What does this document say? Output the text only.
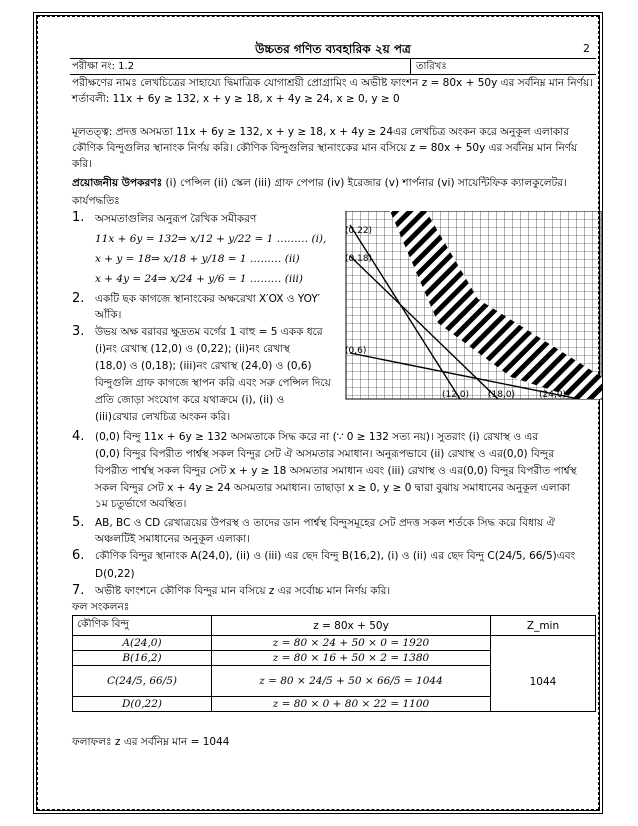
উচ্চতর গণিত ব্যবহারিক ২য় পত্র	2
পরীক্ষা নং: 1.2	তারিখঃ
পরীক্ষণের নামঃ লেখচিত্রের সাহায্যে দ্বিমাত্রিক যোগাশ্রয়ী প্রোগ্রামিং এ অভীষ্ট ফাংশন z = 80x + 50y এর সর্বনিম্ন মান নির্ণয়।
শর্তাবলী: 11x + 6y ≥ 132, x + y ≥ 18, x + 4y ≥ 24, x ≥ 0, y ≥ 0
মূলতত্ত্ব: প্রদত্ত অসমতা 11x + 6y ≥ 132, x + y ≥ 18, x + 4y ≥ 24এর লেখচিত্র অংকন করে অনুকূল এলাকার
কৌণিক বিন্দুগুলির স্থানাংক নির্ণয় করি। কৌণিক বিন্দুগুলির স্থানাংকের মান বসিয়ে z = 80x + 50y এর সর্বনিম্ন মান নির্ণয়
করি।
প্রয়োজনীয় উপকরণঃ (i) পেন্সিল (ii) স্কেল (iii) গ্রাফ পেপার (iv) ইরেজার (v) শার্পনার (vi) সায়েন্টিফিক ক্যালকুলেটর।
কার্যপদ্ধতিঃ
1.
2.
3.
4.
5.
6.
7.
অসমতাগুলির অনুরূপ রৈখিক সমীকরণ
11x + 6y = 132⇒ x/12 + y/22 = 1 ……… (i),
x + y = 18⇒ x/18 + y/18 = 1 ……… (ii)
x + 4y = 24⇒ x/24 + y/6 = 1 ……… (iii)
একটি ছক কাগজে স্থানাংকের অক্ষরেখা X′OX ও YOY′
আঁকি।
উভয় অক্ষ বরাবর ক্ষুদ্রতম বর্গের 1 বাহু = 5 একক ধরে
(i)নং রেখাস্থ (12,0) ও (0,22); (ii)নং রেখাস্থ
(18,0) ও (0,18); (iii)নং রেখাস্থ (24,0) ও (0,6)
বিন্দুগুলি গ্রাফ কাগজে স্থাপন করি এবং সরু পেন্সিল দিয়ে
প্রতি জোড়া সংযোগ করে যথাক্রমে (i), (ii) ও
(iii)রেখার লেখচিত্র অংকন করি।
(0,22)
(0,18)
(0,6)
(12,0) (18,0)	(24,0)
(0,0) বিন্দু 11x + 6y ≥ 132 অসমতাকে সিদ্ধ করে না (∵ 0 ≥ 132 সত্য নয়)। সুতরাং (i) রেখাস্থ ও এর
(0,0) বিন্দুর বিপরীত পার্শ্বস্থ সকল বিন্দুর সেট ঐ অসমতার সমাধান। অনুরূপভাবে (ii) রেখাস্থ ও এর(0,0) বিন্দুর
বিপরীত পার্শ্বস্থ সকল বিন্দুর সেট x + y ≥ 18 অসমতার সমাধান এবং (iii) রেখাস্থ ও এর(0,0) বিন্দুর বিপরীত পার্শ্বস্থ
সকল বিন্দুর সেট x + 4y ≥ 24 অসমতার সমাধান। তাছাড়া x ≥ 0, y ≥ 0 দ্বারা বুঝায় সমাধানের অনুকূল এলাকা
১ম চতুর্ভাগে অবস্থিত।
AB, BC ও CD রেখাত্রয়ের উপরস্থ ও তাদের ডান পার্শ্বস্থ বিন্দুসমূহের সেট প্রদত্ত সকল শর্তকে সিদ্ধ করে বিধায় ঐ
অঞ্চলটিই সমাধানের অনুকূল এলাকা।
কৌণিক বিন্দুর স্থানাংক A(24,0), (ii) ও (iii) এর ছেদ বিন্দু B(16,2), (i) ও (ii) এর ছেদ বিন্দু C(24/5, 66/5)এবং
D(0,22)
অভীষ্ট ফাংশনে কৌণিক বিন্দুর মান বসিয়ে z এর সর্বোচ্চ মান নির্ণয় করি।
ফল সংকলনঃ
কৌণিক বিন্দু	z = 80x + 50y	Z_min
A(24,0)	z = 80 × 24 + 50 × 0 = 1920	1044
B(16,2)	z = 80 × 16 + 50 × 2 = 1380	
C(24/5, 66/5)	z = 80 × 24/5 + 50 × 66/5 = 1044	
D(0,22)	z = 80 × 0 + 80 × 22 = 1100	
ফলাফলঃ z এর সর্বনিম্ন মান = 1044
